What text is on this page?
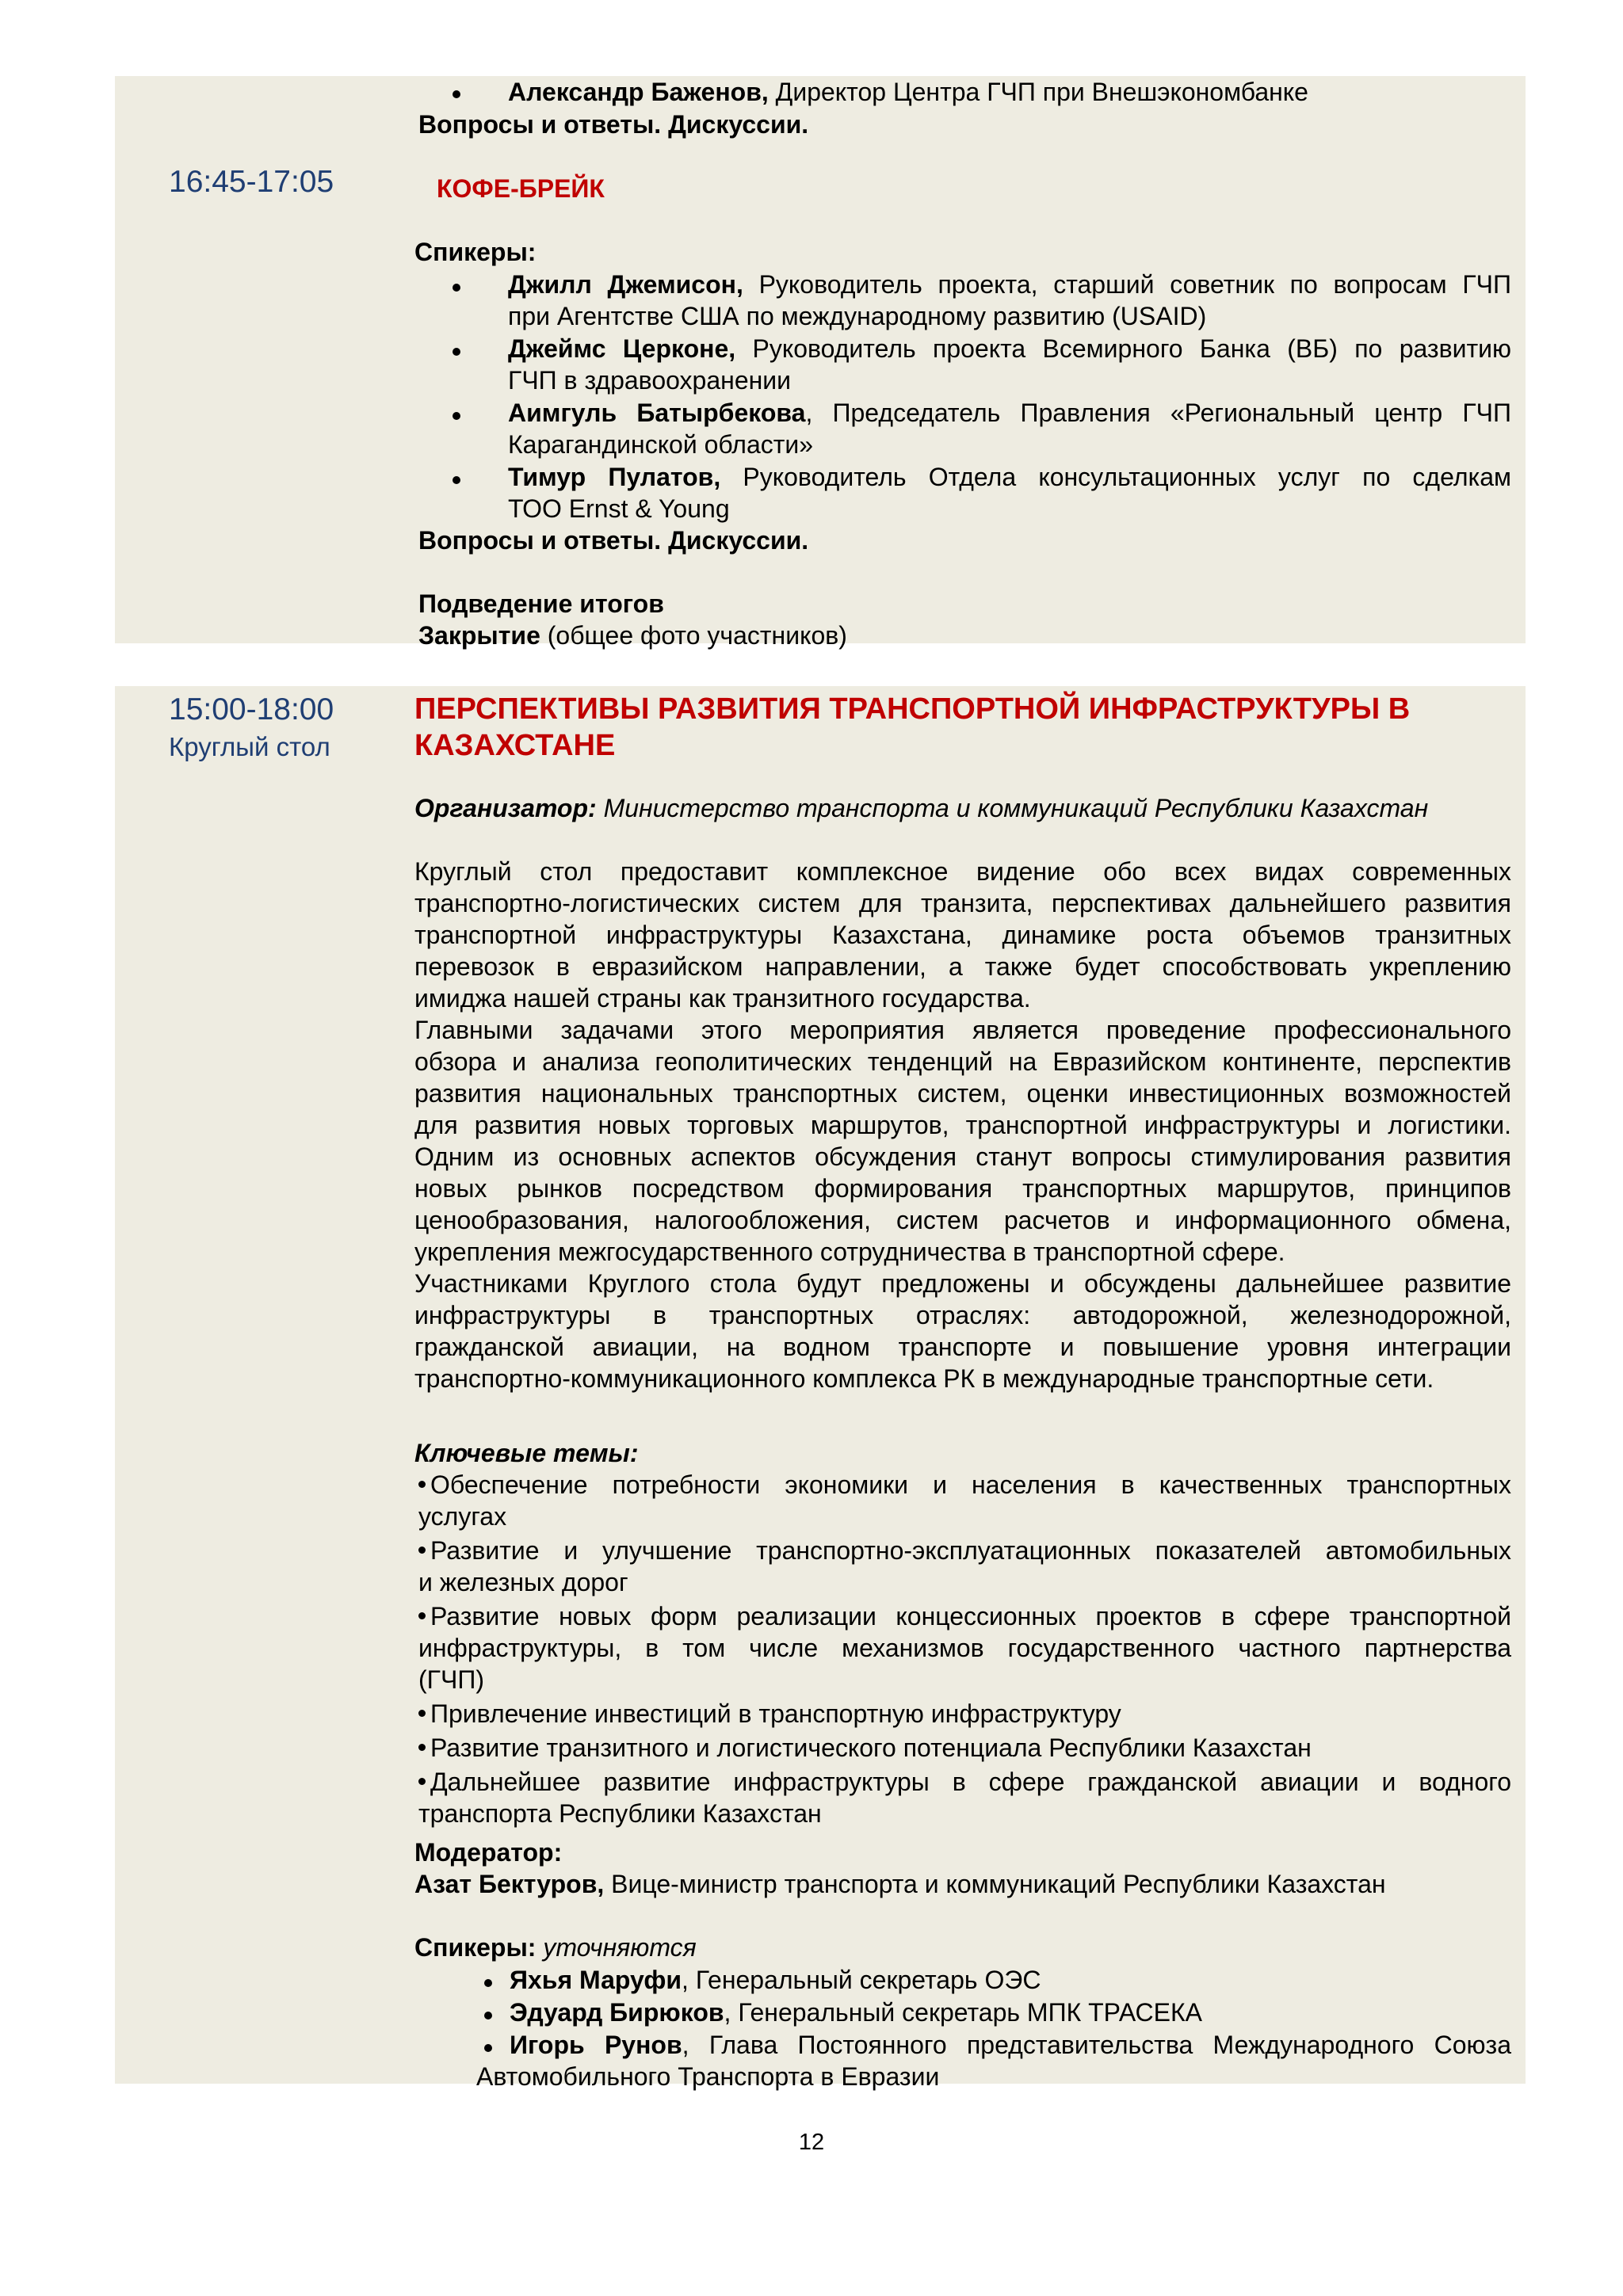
16:45-17:05
Александр Баженов, Директор Центра ГЧП при Внешэкономбанке
Вопросы и ответы. Дискуссии.
КОФЕ-БРЕЙК
Спикеры:
Джилл Джемисон, Руководитель проекта, старший советник по вопросам ГЧП
при Агентстве США по международному развитию (USAID)
Джеймс Церконе, Руководитель проекта Всемирного Банка (ВБ) по развитию
ГЧП в здравоохранении
Аимгуль Батырбекова, Председатель Правления «Региональный центр ГЧП
Карагандинской области»
Тимур Пулатов, Руководитель Отдела консультационных услуг по сделкам
ТОО Ernst & Young
Вопросы и ответы. Дискуссии.
Подведение итогов
Закрытие (общее фото участников)
15:00-18:00
Круглый стол
ПЕРСПЕКТИВЫ РАЗВИТИЯ ТРАНСПОРТНОЙ ИНФРАСТРУКТУРЫ В
КАЗАХСТАНЕ
Организатор: Министерство транспорта и коммуникаций Республики Казахстан
Круглый стол предоставит комплексное видение обо всех видах современных
транспортно-логистических систем для транзита, перспективах дальнейшего развития
транспортной инфраструктуры Казахстана, динамике роста объемов транзитных
перевозок в евразийском направлении, а также будет способствовать укреплению
имиджа нашей страны как транзитного государства.
Главными задачами этого мероприятия является проведение профессионального
обзора и анализа геополитических тенденций на Евразийском континенте, перспектив
развития национальных транспортных систем, оценки инвестиционных возможностей
для развития новых торговых маршрутов, транспортной инфраструктуры и логистики.
Одним из основных аспектов обсуждения станут вопросы стимулирования развития
новых рынков посредством формирования транспортных маршрутов, принципов
ценообразования, налогообложения, систем расчетов и информационного обмена,
укрепления межгосударственного сотрудничества в транспортной сфере.
Участниками Круглого стола будут предложены и обсуждены дальнейшее развитие
инфраструктуры в транспортных отраслях: автодорожной, железнодорожной,
гражданской авиации, на водном транспорте и повышение уровня интеграции
транспортно-коммуникационного комплекса РК в международные транспортные сети.
Ключевые темы:
Обеспечение потребности экономики и населения в качественных транспортных
услугах
Развитие и улучшение транспортно-эксплуатационных показателей автомобильных
и железных дорог
Развитие новых форм реализации концессионных проектов в сфере транспортной
инфраструктуры, в том числе механизмов государственного частного партнерства
(ГЧП)
Привлечение инвестиций в транспортную инфраструктуру
Развитие транзитного и логистического потенциала Республики Казахстан
Дальнейшее развитие инфраструктуры в сфере гражданской авиации и водного
транспорта Республики Казахстан
Модератор:
Азат Бектуров, Вице-министр транспорта и коммуникаций Республики Казахстан
Спикеры: уточняются
Яхья Маруфи, Генеральный секретарь ОЭС
Эдуард Бирюков, Генеральный секретарь МПК ТРАСЕКА
Игорь Рунов, Глава Постоянного представительства Международного Союза
Автомобильного Транспорта в Евразии
12
